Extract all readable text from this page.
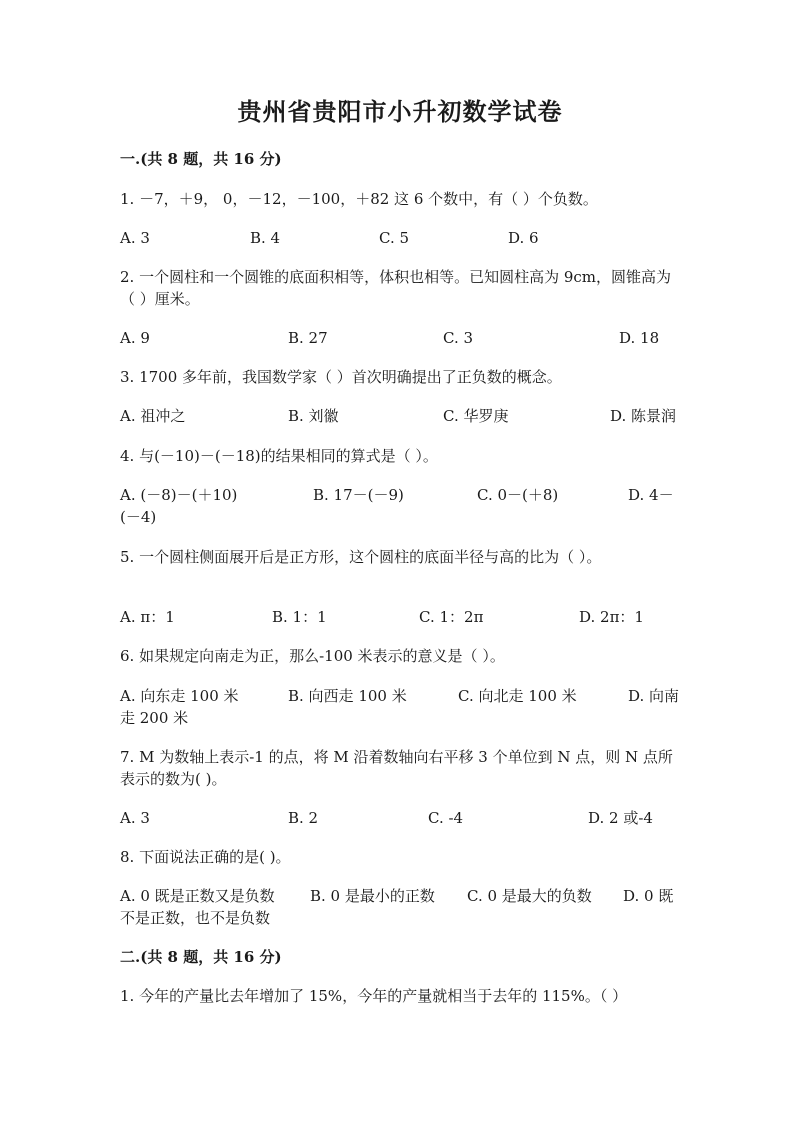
贵州省贵阳市小升初数学试卷
一.(共 8 题，共 16 分)
1. －7，＋9， 0，－12，－100，＋82 这 6 个数中，有（ ）个负数。
A. 3	B. 4	C. 5	D. 6
2. 一个圆柱和一个圆锥的底面积相等，体积也相等。已知圆柱高为 9cm，圆锥高为（ ）厘米。
A. 9	B. 27	C. 3	D. 18
3. 1700 多年前，我国数学家（ ）首次明确提出了正负数的概念。
A. 祖冲之	B. 刘徽	C. 华罗庚	D. 陈景润
4. 与(－10)－(－18)的结果相同的算式是（ ）。
A. (－8)－(＋10)	B. 17－(－9)	C. 0－(＋8)	D. 4－
(－4)
5. 一个圆柱侧面展开后是正方形，这个圆柱的底面半径与高的比为（ ）。
A. π：1	B. 1：1	C. 1：2π	D. 2π：1
6. 如果规定向南走为正，那么-100 米表示的意义是（ ）。
A. 向东走 100 米	B. 向西走 100 米	C. 向北走 100 米	D. 向南
走 200 米
7. M 为数轴上表示-1 的点，将 M 沿着数轴向右平移 3 个单位到 N 点，则 N 点所表示的数为( )。
A. 3	B. 2	C. -4	D. 2 或-4
8. 下面说法正确的是( )。
A. 0 既是正数又是负数 B. 0 是最小的正数 C. 0 是最大的负数 D. 0 既
不是正数，也不是负数
二.(共 8 题，共 16 分)
1. 今年的产量比去年增加了 15%，今年的产量就相当于去年的 115%。（ ）
